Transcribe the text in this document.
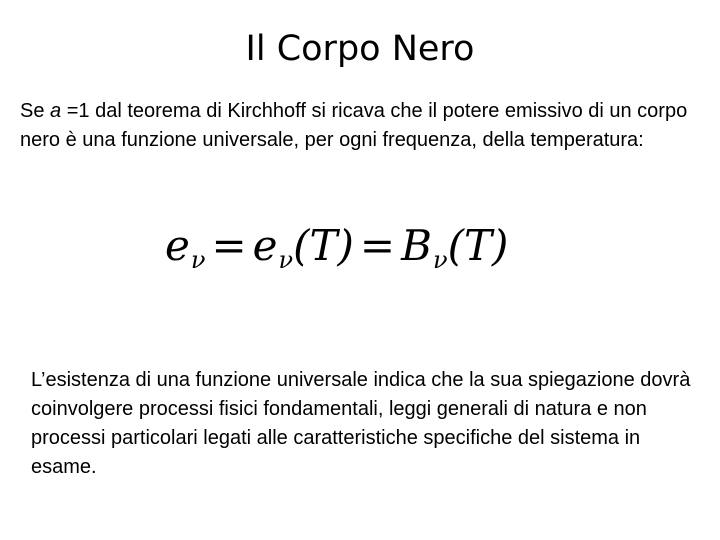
Il Corpo Nero

Se a =1 dal teorema di Kirchhoff si ricava che il potere emissivo di un corpo nero è una funzione universale, per ogni frequenza, della temperatura:

$e_\nu = e_\nu(T) = B_\nu(T)$

L’esistenza di una funzione universale indica che la sua spiegazione dovrà coinvolgere processi fisici fondamentali, leggi generali di natura e non processi particolari legati alle caratteristiche specifiche del sistema in esame.
